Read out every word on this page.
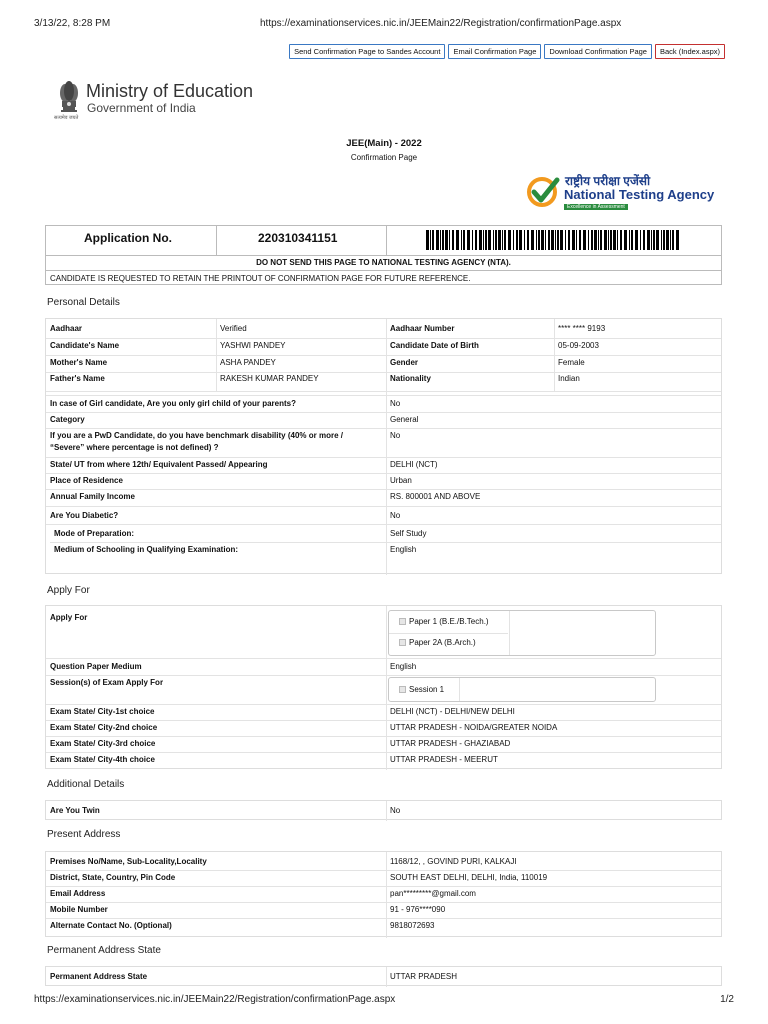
3/13/22, 8:28 PM	https://examinationservices.nic.in/JEEMain22/Registration/confirmationPage.aspx
Send Confirmation Page to Sandes Account	Email Confirmation Page	Download Confirmation Page	Back (Index.aspx)
Ministry of Education
Government of India
सत्यमेव जयते
JEE(Main) - 2022
Confirmation Page
राष्ट्रीय परीक्षा एजेंसी
National Testing Agency
Excellence in Assessment
Application No.	220310341151
DO NOT SEND THIS PAGE TO NATIONAL TESTING AGENCY (NTA).
CANDIDATE IS REQUESTED TO RETAIN THE PRINTOUT OF CONFIRMATION PAGE FOR FUTURE REFERENCE.
Personal Details
Aadhaar	Verified	Aadhaar Number	**** **** 9193
Candidate's Name	YASHWI PANDEY	Candidate Date of Birth	05-09-2003
Mother's Name	ASHA PANDEY	Gender	Female
Father's Name	RAKESH KUMAR PANDEY	Nationality	Indian
In case of Girl candidate, Are you only girl child of your parents?	No
Category	General
If you are a PwD Candidate, do you have benchmark disability (40% or more /
“Severe” where percentage is not defined) ?
No
State/ UT from where 12th/ Equivalent Passed/ Appearing	DELHI (NCT)
Place of Residence	Urban
Annual Family Income	RS. 800001 AND ABOVE
Are You Diabetic?	No
Mode of Preparation:	Self Study
Medium of Schooling in Qualifying Examination:	English
Apply For
Apply For	Paper 1 (B.E./B.Tech.)
Paper 2A (B.Arch.)
Question Paper Medium	English
Session(s) of Exam Apply For
Session 1
Exam State/ City-1st choice	DELHI (NCT) - DELHI/NEW DELHI
Exam State/ City-2nd choice	UTTAR PRADESH - NOIDA/GREATER NOIDA
Exam State/ City-3rd choice	UTTAR PRADESH - GHAZIABAD
Exam State/ City-4th choice	UTTAR PRADESH - MEERUT
Additional Details
Are You Twin	No
Present Address
Premises No/Name, Sub-Locality,Locality	1168/12, , GOVIND PURI, KALKAJI
District, State, Country, Pin Code	SOUTH EAST DELHI, DELHI, India, 110019
Email Address	pan*********@gmail.com
Mobile Number	91 - 976****090
Alternate Contact No. (Optional)	9818072693
Permanent Address State
Permanent Address State	UTTAR PRADESH
https://examinationservices.nic.in/JEEMain22/Registration/confirmationPage.aspx	1/2
